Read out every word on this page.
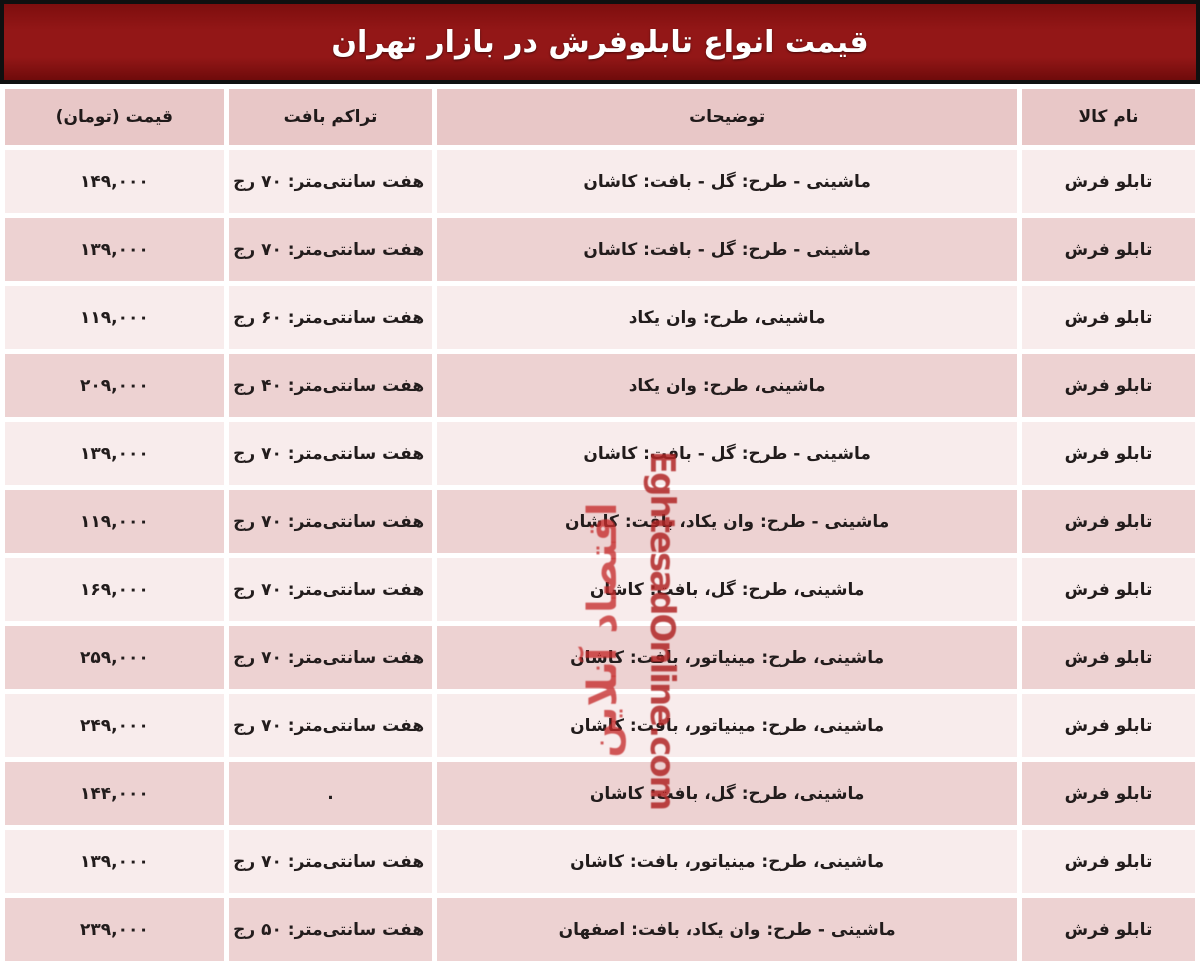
قیمت انواع تابلوفرش در بازار تهران
نام کالا	توضیحات	تراکم بافت	قیمت (تومان)
تابلو فرش	ماشینی - طرح: گل - بافت: کاشان	هفت سانتی‌متر: ۷۰ رج	۱۴۹,۰۰۰
تابلو فرش	ماشینی - طرح: گل - بافت: کاشان	هفت سانتی‌متر: ۷۰ رج	۱۳۹,۰۰۰
تابلو فرش	ماشینی، طرح: وان یکاد	هفت سانتی‌متر: ۶۰ رج	۱۱۹,۰۰۰
تابلو فرش	ماشینی، طرح: وان یکاد	هفت سانتی‌متر: ۴۰ رج	۲۰۹,۰۰۰
تابلو فرش	ماشینی - طرح: گل - بافت: کاشان	هفت سانتی‌متر: ۷۰ رج	۱۳۹,۰۰۰
تابلو فرش	ماشینی - طرح: وان یکاد، بافت: کاشان	هفت سانتی‌متر: ۷۰ رج	۱۱۹,۰۰۰
تابلو فرش	ماشینی، طرح: گل، بافت: کاشان	هفت سانتی‌متر: ۷۰ رج	۱۶۹,۰۰۰
تابلو فرش	ماشینی، طرح: مینیاتور، بافت: کاشان	هفت سانتی‌متر: ۷۰ رج	۲۵۹,۰۰۰
تابلو فرش	ماشینی، طرح: مینیاتور، بافت: کاشان	هفت سانتی‌متر: ۷۰ رج	۲۴۹,۰۰۰
تابلو فرش	ماشینی، طرح: گل، بافت: کاشان	.	۱۴۴,۰۰۰
تابلو فرش	ماشینی، طرح: مینیاتور، بافت: کاشان	هفت سانتی‌متر: ۷۰ رج	۱۳۹,۰۰۰
تابلو فرش	ماشینی - طرح: وان یکاد، بافت: اصفهان	هفت سانتی‌متر: ۵۰ رج	۲۳۹,۰۰۰
اقتصاد آنلاین EghtesadOnline.com
